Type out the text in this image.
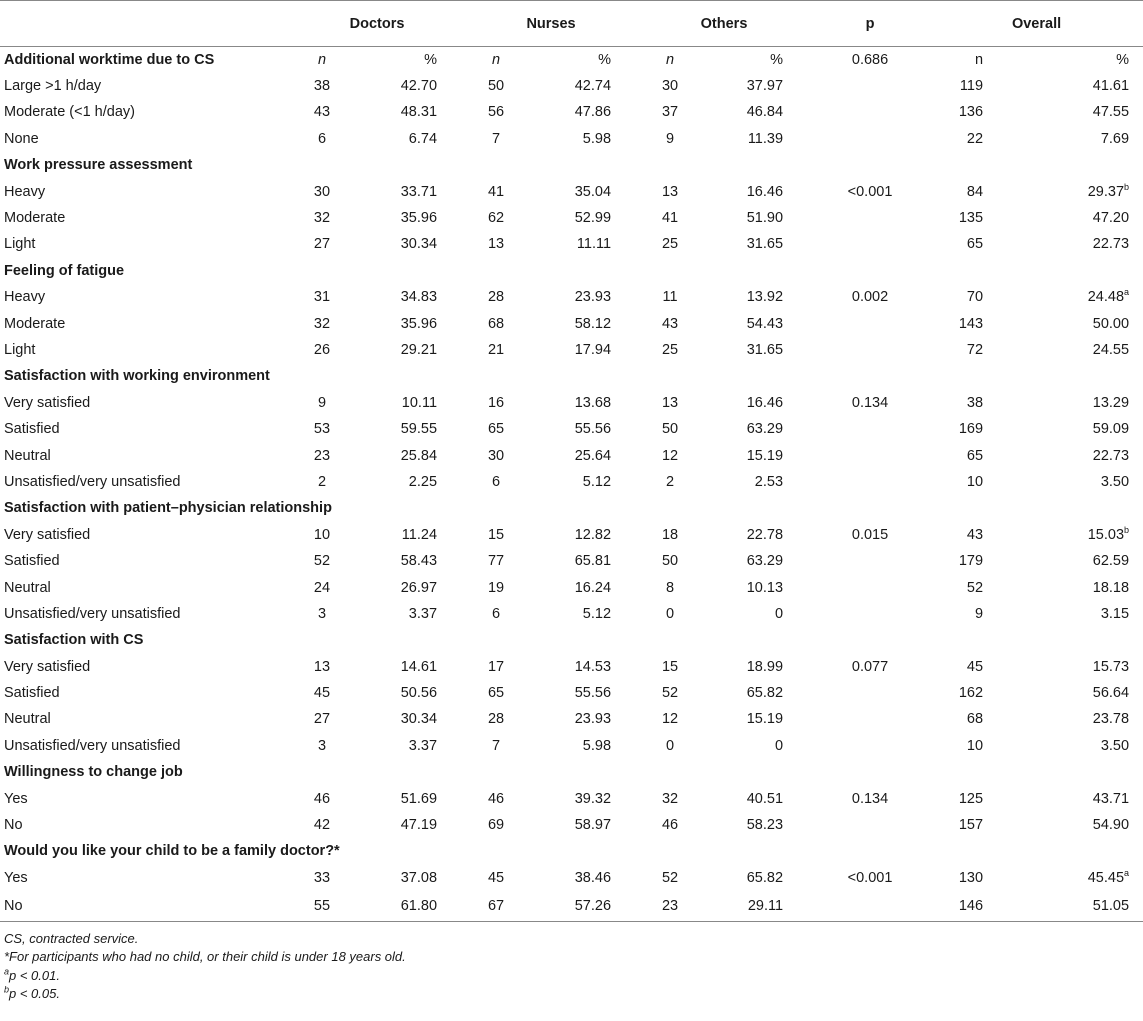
	Doctors		Nurses		Others		p	Overall	
Additional worktime due to CS	n	%	n	%	n	%	0.686	n	%
Large >1 h/day	38	42.70	50	42.74	30	37.97		119	41.61
Moderate (<1 h/day)	43	48.31	56	47.86	37	46.84		136	47.55
None	6	6.74	7	5.98	9	11.39		22	7.69
Work pressure assessment									
Heavy	30	33.71	41	35.04	13	16.46	<0.001	84	29.37$^b$
Moderate	32	35.96	62	52.99	41	51.90		135	47.20
Light	27	30.34	13	11.11	25	31.65		65	22.73
Feeling of fatigue									
Heavy	31	34.83	28	23.93	11	13.92	0.002	70	24.48$^a$
Moderate	32	35.96	68	58.12	43	54.43		143	50.00
Light	26	29.21	21	17.94	25	31.65		72	24.55
Satisfaction with working environment									
Very satisfied	9	10.11	16	13.68	13	16.46	0.134	38	13.29
Satisfied	53	59.55	65	55.56	50	63.29		169	59.09
Neutral	23	25.84	30	25.64	12	15.19		65	22.73
Unsatisfied/very unsatisfied	2	2.25	6	5.12	2	2.53		10	3.50
Satisfaction with patient–physician relationship									
Very satisfied	10	11.24	15	12.82	18	22.78	0.015	43	15.03$^b$
Satisfied	52	58.43	77	65.81	50	63.29		179	62.59
Neutral	24	26.97	19	16.24	8	10.13		52	18.18
Unsatisfied/very unsatisfied	3	3.37	6	5.12	0	0		9	3.15
Satisfaction with CS									
Very satisfied	13	14.61	17	14.53	15	18.99	0.077	45	15.73
Satisfied	45	50.56	65	55.56	52	65.82		162	56.64
Neutral	27	30.34	28	23.93	12	15.19		68	23.78
Unsatisfied/very unsatisfied	3	3.37	7	5.98	0	0		10	3.50
Willingness to change job									
Yes	46	51.69	46	39.32	32	40.51	0.134	125	43.71
No	42	47.19	69	58.97	46	58.23		157	54.90
Would you like your child to be a family doctor?*									
Yes	33	37.08	45	38.46	52	65.82	<0.001	130	45.45$^a$
No	55	61.80	67	57.26	23	29.11		146	51.05
CS, contracted service.
*For participants who had no child, or their child is under 18 years old.
$^a$p < 0.01.
$^b$p < 0.05.
